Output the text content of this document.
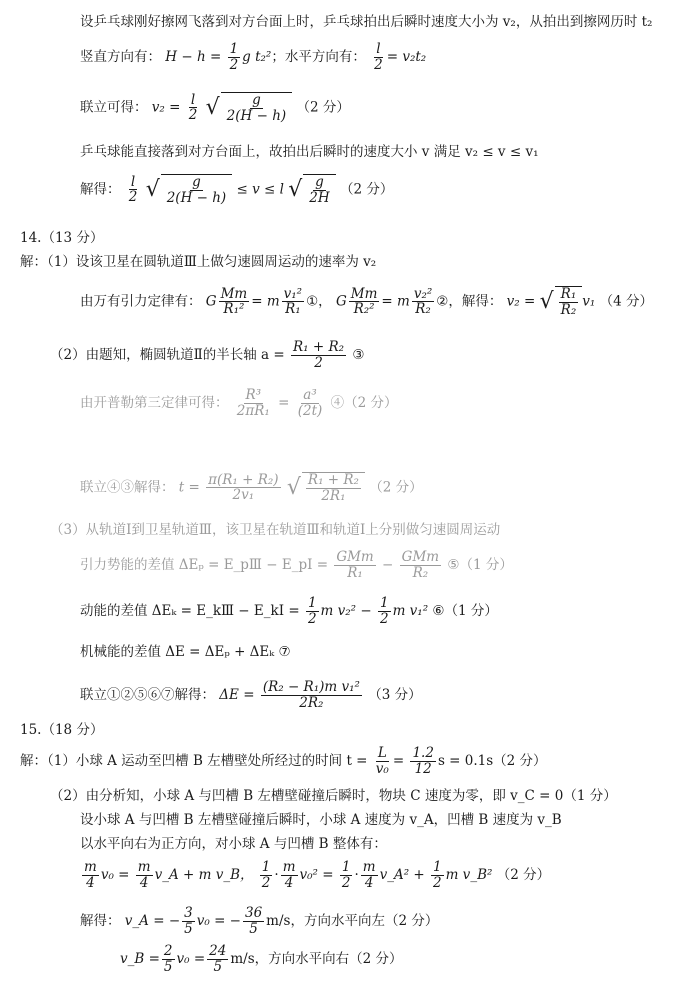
设乒乓球刚好擦网飞落到对方台面上时，乒乓球拍出后瞬时速度大小为 v₂，从拍出到擦网历时 t₂
竖直方向有： $H - h = \frac{1}{2}$ g t₂²；水平方向有： $\frac{l}{2} = v_2t_2$
联立可得： $v_2 = \frac{l}{2}$
√ $\frac{g}{2(H - h)} (2$ 分）
乒乓球能直接落到对方台面上，故拍出后瞬时的速度大小 v 满足 v₂ ≤ v ≤ v₁
解得： $\frac{l}{2}$
√ $\frac{g}{2(H - h)} \le v \le l$ √ $\frac{g}{2H} (2$ 分）
14.（13 分）
解：（1）设该卫星在圆轨道Ⅲ上做匀速圆周运动的速率为 v₂
由万有引力定律有： G $\frac{Mm}{\text{R₁²}} = m \frac{\text{v₁²}}{\text{R₁}}$ ①， G $\frac{Mm}{\text{R₂²}} = m \frac{\text{v₂²}}{\text{R₂}}$ ②，解得： v₂ = √ $\frac{\text{R₁}}{\text{R₂}} v_1$ （4 分）
（2）由题知，椭圆轨道Ⅱ的半长轴 $a = \frac{\text{R₁ + R₂}}{2}$ ③
由开普勒第三定律可得： $\frac{\text{R³}}{\text{2πR₁}} = \frac{\text{a³}}{(2t)}$ ④（2 分）
联立④③解得： $t = \frac{\text{π(R₁ + R₂)}}{\text{2v₁}}$
√ $\frac{\text{R₁ + R₂}}{\text{2R₁}} (2$ 分）
（3）从轨道Ⅰ到卫星轨道Ⅲ，该卫星在轨道Ⅲ和轨道Ⅰ上分别做匀速圆周运动
引力势能的差值 ΔEₚ = E_pⅢ − E_pⅠ = $\frac{\text{GMm}}{\text{R₁}} - \frac{\text{GMm}}{\text{R₂}}$ ⑤（1 分）
动能的差值 ΔEₖ = E_kⅢ − E_kⅠ = $\frac{1}{2}$ m $v_2^2 - \frac{1}{2}$ m v₁² ⑥（1 分）
机械能的差值 ΔE = ΔEₚ + ΔEₖ ⑦
联立①②⑤⑥⑦解得： $\Delta E = \frac{\text{(R₂ − R₁)m v₁²}}{\text{2R₂}} (3$ 分）
15.（18 分）
解：（1）小球 A 运动至凹槽 B 左槽壁处所经过的时间 $t = \frac{L}{\text{v₀}} = \frac{1.2}{12}$ s = 0.1s（2 分）
（2）由分析知，小球 A 与凹槽 B 左槽壁碰撞后瞬时，物块 C 速度为零，即 v_C = 0（1 分）
设小球 A 与凹槽 B 左槽壁碰撞后瞬时，小球 A 速度为 v_A，凹槽 B 速度为 v_B
以水平向右为正方向，对小球 A 与凹槽 B 整体有：
$\frac{m}{4} v_0 = \frac{m}{4}$ v_A + m v_B， $\frac{1}{2} \cdot \frac{m}{4} v_0^2 = \frac{1}{2} \cdot \frac{m}{4}$ v_A² + $\frac{1}{2}$ m v_B² （2 分）
解得： v_A = − $\frac{3}{5} v_0$ = − $\frac{36}{5} m/s$，方向水平向左（2 分）
v_B = $\frac{2}{5} v_0 = \frac{24}{5} m/s$，方向水平向右（2 分）
